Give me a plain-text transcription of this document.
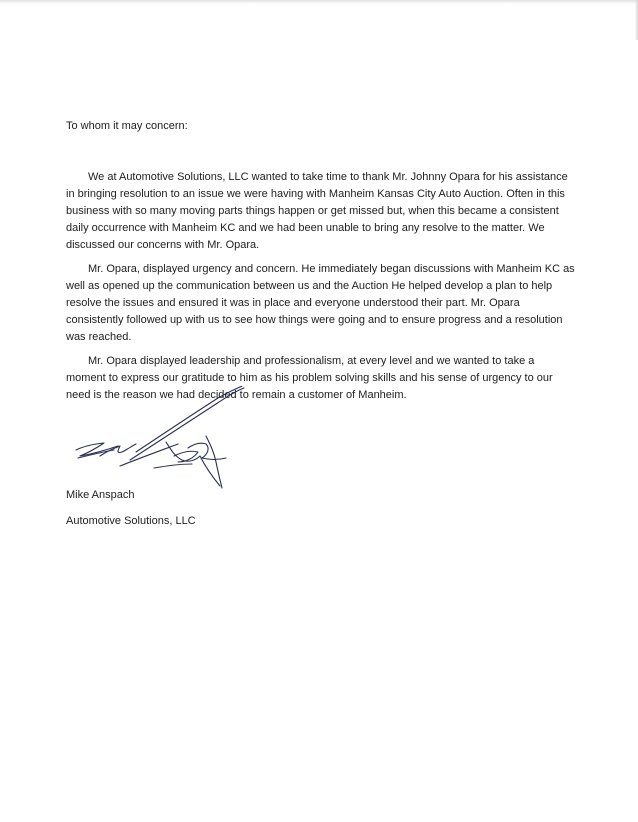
To whom it may concern:

We at Automotive Solutions, LLC wanted to take time to thank Mr. Johnny Opara for his assistance in bringing resolution to an issue we were having with Manheim Kansas City Auto Auction. Often in this business with so many moving parts things happen or get missed but, when this became a consistent daily occurrence with Manheim KC and we had been unable to bring any resolve to the matter. We discussed our concerns with Mr. Opara.

Mr. Opara, displayed urgency and concern. He immediately began discussions with Manheim KC as well as opened up the communication between us and the Auction He helped develop a plan to help resolve the issues and ensured it was in place and everyone understood their part. Mr. Opara consistently followed up with us to see how things were going and to ensure progress and a resolution was reached.

Mr. Opara displayed leadership and professionalism, at every level and we wanted to take a moment to express our gratitude to him as his problem solving skills and his sense of urgency to our need is the reason we had decided to remain a customer of Manheim.

Mike Anspach
Automotive Solutions, LLC
